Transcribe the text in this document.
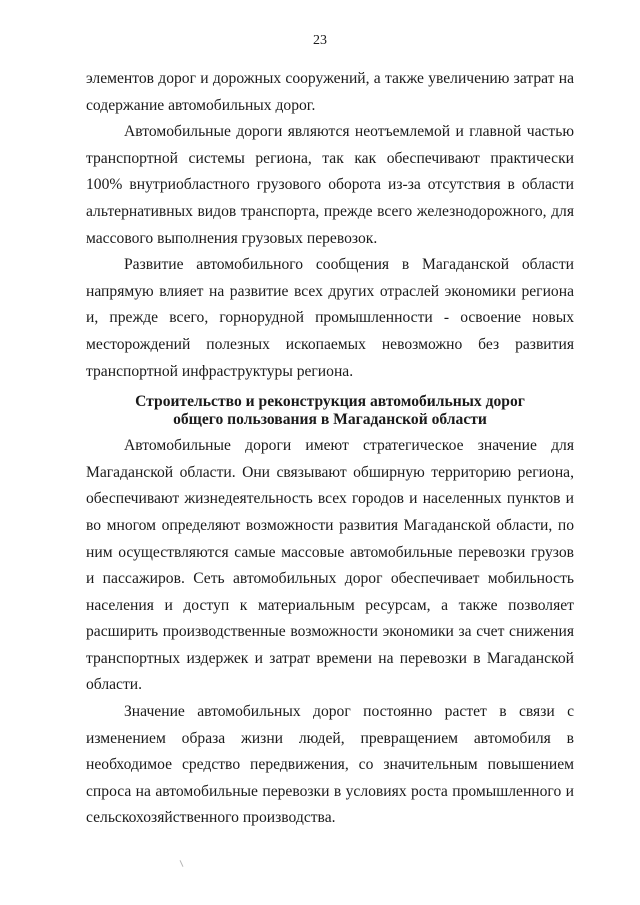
23

элементов дорог и дорожных сооружений, а также увеличению затрат на содержание автомобильных дорог.

Автомобильные дороги являются неотъемлемой и главной частью транспортной системы региона, так как обеспечивают практически 100% внутриобластного грузового оборота из-за отсутствия в области альтернативных видов транспорта, прежде всего железнодорожного, для массового выполнения грузовых перевозок.

Развитие автомобильного сообщения в Магаданской области напрямую влияет на развитие всех других отраслей экономики региона и, прежде всего, горнорудной промышленности - освоение новых месторождений полезных ископаемых невозможно без развития транспортной инфраструктуры региона.

Строительство и реконструкция автомобильных дорог
общего пользования в Магаданской области

Автомобильные дороги имеют стратегическое значение для Магаданской области. Они связывают обширную территорию региона, обеспечивают жизнедеятельность всех городов и населенных пунктов и во многом определяют возможности развития Магаданской области, по ним осуществляются самые массовые автомобильные перевозки грузов и пассажиров. Сеть автомобильных дорог обеспечивает мобильность населения и доступ к материальным ресурсам, а также позволяет расширить производственные возможности экономики за счет снижения транспортных издержек и затрат времени на перевозки в Магаданской области.

Значение автомобильных дорог постоянно растет в связи с изменением образа жизни людей, превращением автомобиля в необходимое средство передвижения, со значительным повышением спроса на автомобильные перевозки в условиях роста промышленного и сельскохозяйственного производства.
